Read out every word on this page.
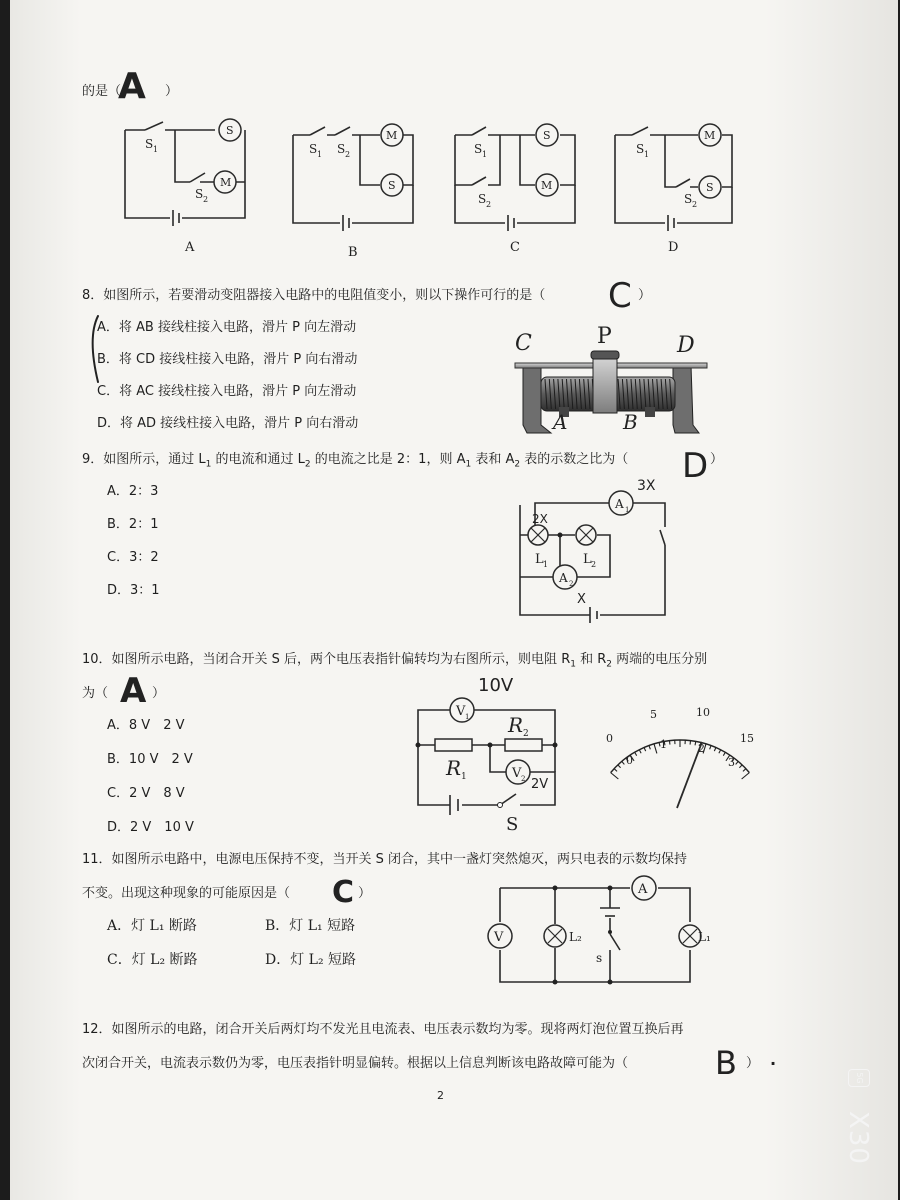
的是（
A ）
S
M
S 1
S 2
A
M
S
S 1 S 2
B
S
M
S 1
S 2
C
M
S
S 1
S 2
D
8．如图所示，若要滑动变阻器接入电路中的电阻值变小，则以下操作可行的是（ C ）
A．将 AB 接线柱接入电路，滑片 P 向左滑动
B．将 CD 接线柱接入电路，滑片 P 向右滑动
C．将 AC 接线柱接入电路，滑片 P 向左滑动
D．将 AD 接线柱接入电路，滑片 P 向右滑动
C	P	D
A	B
9．如图所示，通过 $L_1$ 的电流和通过 $L_2$ 的电流之比是 2：1，则 $A_1$ 表和 $A_2$ 表的示数之比为（ D ）
A．2：3
B．2：1
C．3：2
D．3：1
A 1
A 2
L 1	L 2
3X
2X
X
10．如图所示电路，当闭合开关 S 后，两个电压表指针偏转均为右图所示，则电阻 $R_1$ 和 $R_2$ 两端的电压分别
为（ A ）
A．8 V　2 V
B．10 V　2 V
C．2 V　8 V
D．2 V　10 V
V 1
V 2
R 2
R 1
S
10V
2V
0
5	10
15
0
1	2
3
11．如图所示电路中，电源电压保持不变，当开关 S 闭合，其中一盏灯突然熄灭，两只电表的示数均保持
不变。出现这种现象的可能原因是（ C ）
A．灯 L₁ 断路	B．灯 L₁ 短路
C．灯 L₂ 断路	D．灯 L₂ 短路
A
V	L₂	L₁
s
12．如图所示的电路，闭合开关后两灯均不发光且电流表、电压表示数均为零。现将两灯泡位置互换后再
次闭合开关，电流表示数仍为零，电压表指针明显偏转。根据以上信息判断该电路故障可能为（	B ） .
2
5G
X30
